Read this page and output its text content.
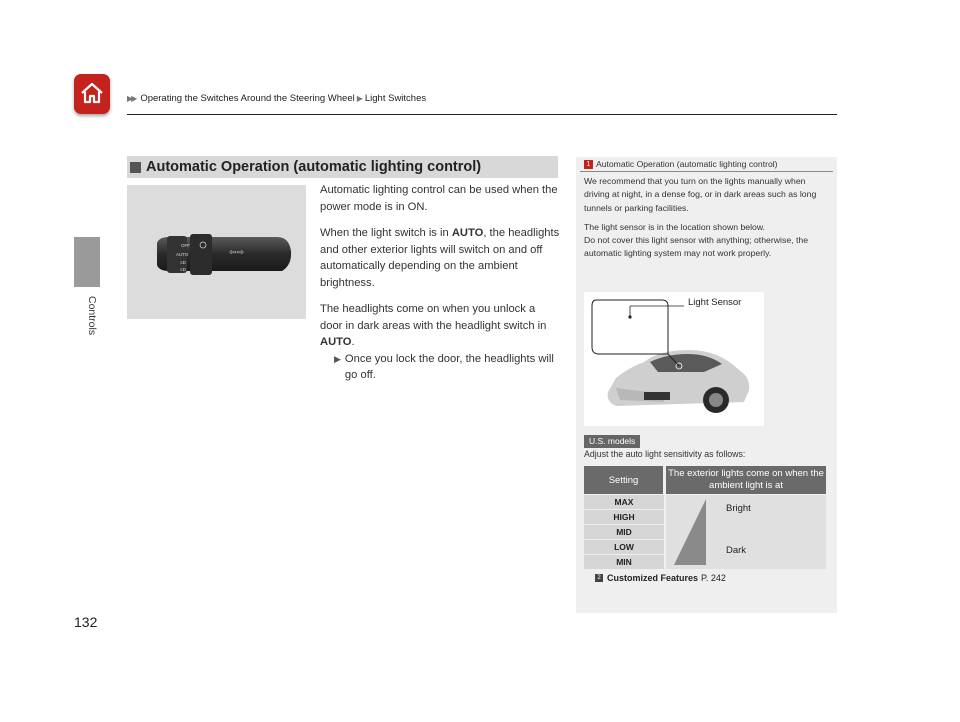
▶▶ Operating the Switches Around the Steering Wheel ▶ Light Switches
Controls
132
Automatic Operation (automatic lighting control)
OFF
AUTO
≡D
≡D
⇦⇨

Automatic lighting control can be used when the power mode is in ON.

When the light switch is in AUTO, the headlights and other exterior lights will switch on and off automatically depending on the ambient brightness.

The headlights come on when you unlock a door in dark areas with the headlight switch in AUTO.

▶ Once you lock the door, the headlights will go off.
1 Automatic Operation (automatic lighting control)

We recommend that you turn on the lights manually when driving at night, in a dense fog, or in dark areas such as long tunnels or parking facilities.

The light sensor is in the location shown below.
Do not cover this light sensor with anything; otherwise, the automatic lighting system may not work properly.

Light Sensor
U.S. models
Adjust the auto light sensitivity as follows:
Setting
The exterior lights come on when the ambient light is at
MAX
HIGH
MID
LOW
MIN
Bright
Dark
2 Customized Features P. 242
